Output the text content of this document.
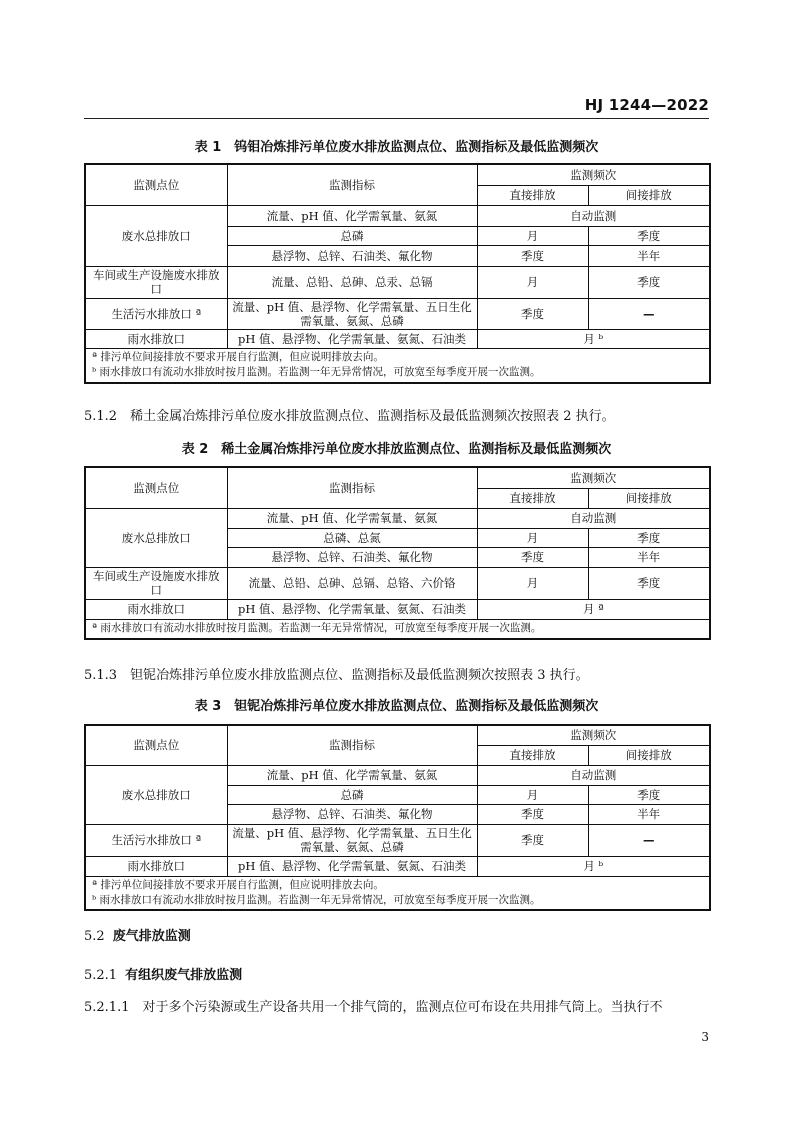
HJ 1244—2022
表 1　钨钼冶炼排污单位废水排放监测点位、监测指标及最低监测频次
监测点位	监测指标	监测频次	
		直接排放	间接排放
废水总排放口	流量、pH 值、化学需氧量、氨氮	自动监测	
	总磷	月	季度
	悬浮物、总锌、石油类、氟化物	季度	半年
车间或生产设施废水排放口	流量、总铅、总砷、总汞、总镉	月	季度
生活污水排放口 ª	流量、pH 值、悬浮物、化学需氧量、五日生化需氧量、氨氮、总磷	季度	—
雨水排放口	pH 值、悬浮物、化学需氧量、氨氮、石油类	月 ᵇ	

ª 排污单位间接排放不要求开展自行监测，但应说明排放去向。
ᵇ 雨水排放口有流动水排放时按月监测。若监测一年无异常情况，可放宽至每季度开展一次监测。			
5.1.2　稀土金属冶炼排污单位废水排放监测点位、监测指标及最低监测频次按照表 2 执行。
表 2　稀土金属冶炼排污单位废水排放监测点位、监测指标及最低监测频次
监测点位	监测指标	监测频次	
		直接排放	间接排放
废水总排放口	流量、pH 值、化学需氧量、氨氮	自动监测	
	总磷、总氮	月	季度
	悬浮物、总锌、石油类、氟化物	季度	半年
车间或生产设施废水排放口	流量、总铅、总砷、总镉、总铬、六价铬	月	季度
雨水排放口	pH 值、悬浮物、化学需氧量、氨氮、石油类	月 ª	

ª 雨水排放口有流动水排放时按月监测。若监测一年无异常情况，可放宽至每季度开展一次监测。			
5.1.3　钽铌冶炼排污单位废水排放监测点位、监测指标及最低监测频次按照表 3 执行。
表 3　钽铌冶炼排污单位废水排放监测点位、监测指标及最低监测频次
监测点位	监测指标	监测频次	
		直接排放	间接排放
废水总排放口	流量、pH 值、化学需氧量、氨氮	自动监测	
	总磷	月	季度
	悬浮物、总锌、石油类、氟化物	季度	半年
生活污水排放口 ª	流量、pH 值、悬浮物、化学需氧量、五日生化需氧量、氨氮、总磷	季度	—
雨水排放口	pH 值、悬浮物、化学需氧量、氨氮、石油类	月 ᵇ	

ª 排污单位间接排放不要求开展自行监测，但应说明排放去向。
ᵇ 雨水排放口有流动水排放时按月监测。若监测一年无异常情况，可放宽至每季度开展一次监测。			
5.2 废气排放监测
5.2.1 有组织废气排放监测
5.2.1.1　对于多个污染源或生产设备共用一个排气筒的，监测点位可布设在共用排气筒上。当执行不
3
